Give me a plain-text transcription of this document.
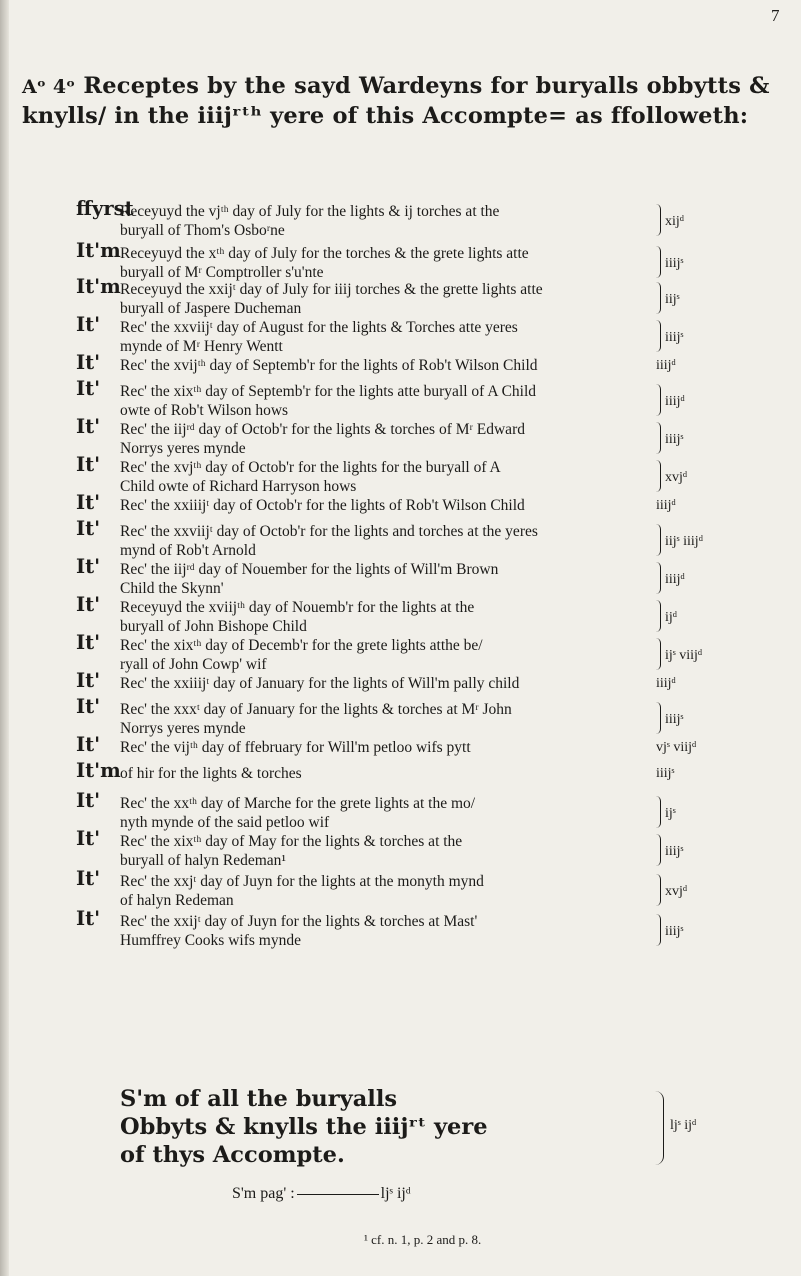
7
Aᵒ 4ᵒ Receptes by the sayd Wardeyns for buryalls obbytts & knylls/ in the iiijʳᵗʰ yere of this Accompte= as ffolloweth:
ffyrst
Receyuyd the vjᵗʰ day of July for the lights & ij torches at the
buryall of Thom's Osboʳne
xijᵈ
It'm Receyuyd the xᵗʰ day of July for the torches & the grete lights atte
buryall of Mʳ Comptroller s'u'nte
iiijˢ
It'm Receyuyd the xxijᵗ day of July for iiij torches & the grette lights atte
buryall of Jaspere Ducheman
iijˢ
It' Rec' the xxviijᵗ day of August for the lights & Torches atte yeres
mynde of Mʳ Henry Wentt
iiijˢ
It' Rec' the xvijᵗʰ day of Septemb'r for the lights of Rob't Wilson Child	iiijᵈ
It' Rec' the xixᵗʰ day of Septemb'r for the lights atte buryall of A Child
owte of Rob't Wilson hows
iiijᵈ
It' Rec' the iijʳᵈ day of Octob'r for the lights & torches of Mʳ Edward
Norrys yeres mynde
iiijˢ
It' Rec' the xvjᵗʰ day of Octob'r for the lights for the buryall of A
Child owte of Richard Harryson hows
xvjᵈ
It' Rec' the xxiiijᵗ day of Octob'r for the lights of Rob't Wilson Child	iiijᵈ
It' Rec' the xxviijᵗ day of Octob'r for the lights and torches at the yeres
mynd of Rob't Arnold
iijˢ iiijᵈ
It' Rec' the iijʳᵈ day of Nouember for the lights of Will'm Brown
Child the Skynn'
iiijᵈ
It' Receyuyd the xviijᵗʰ day of Nouemb'r for the lights at the
buryall of John Bishope Child
ijᵈ
It' Rec' the xixᵗʰ day of Decemb'r for the grete lights atthe be/
ryall of John Cowp' wif
ijˢ viijᵈ
It' Rec' the xxiiijᵗ day of January for the lights of Will'm pally child	iiijᵈ
It' Rec' the xxxᵗ day of January for the lights & torches at Mʳ John
Norrys yeres mynde
iiijˢ
It' Rec' the vijᵗʰ day of ffebruary for Will'm petloo wifs pytt	vjˢ viijᵈ
It'm of hir for the lights & torches	iiijˢ
It' Rec' the xxᵗʰ day of Marche for the grete lights at the mo/
nyth mynde of the said petloo wif
ijˢ
It' Rec' the xixᵗʰ day of May for the lights & torches at the
buryall of halyn Redeman¹
iiijˢ
It' Rec' the xxjᵗ day of Juyn for the lights at the monyth mynd
of halyn Redeman
xvjᵈ
It' Rec' the xxijᵗ day of Juyn for the lights & torches at Mast'
Humffrey Cooks wifs mynde
iiijˢ
S'm of all the buryalls
Obbyts & knylls the iiijʳᵗ yere
of thys Accompte.
ljˢ ijᵈ
S'm pag' :	ljˢ ijᵈ
¹ cf. n. 1, p. 2 and p. 8.
